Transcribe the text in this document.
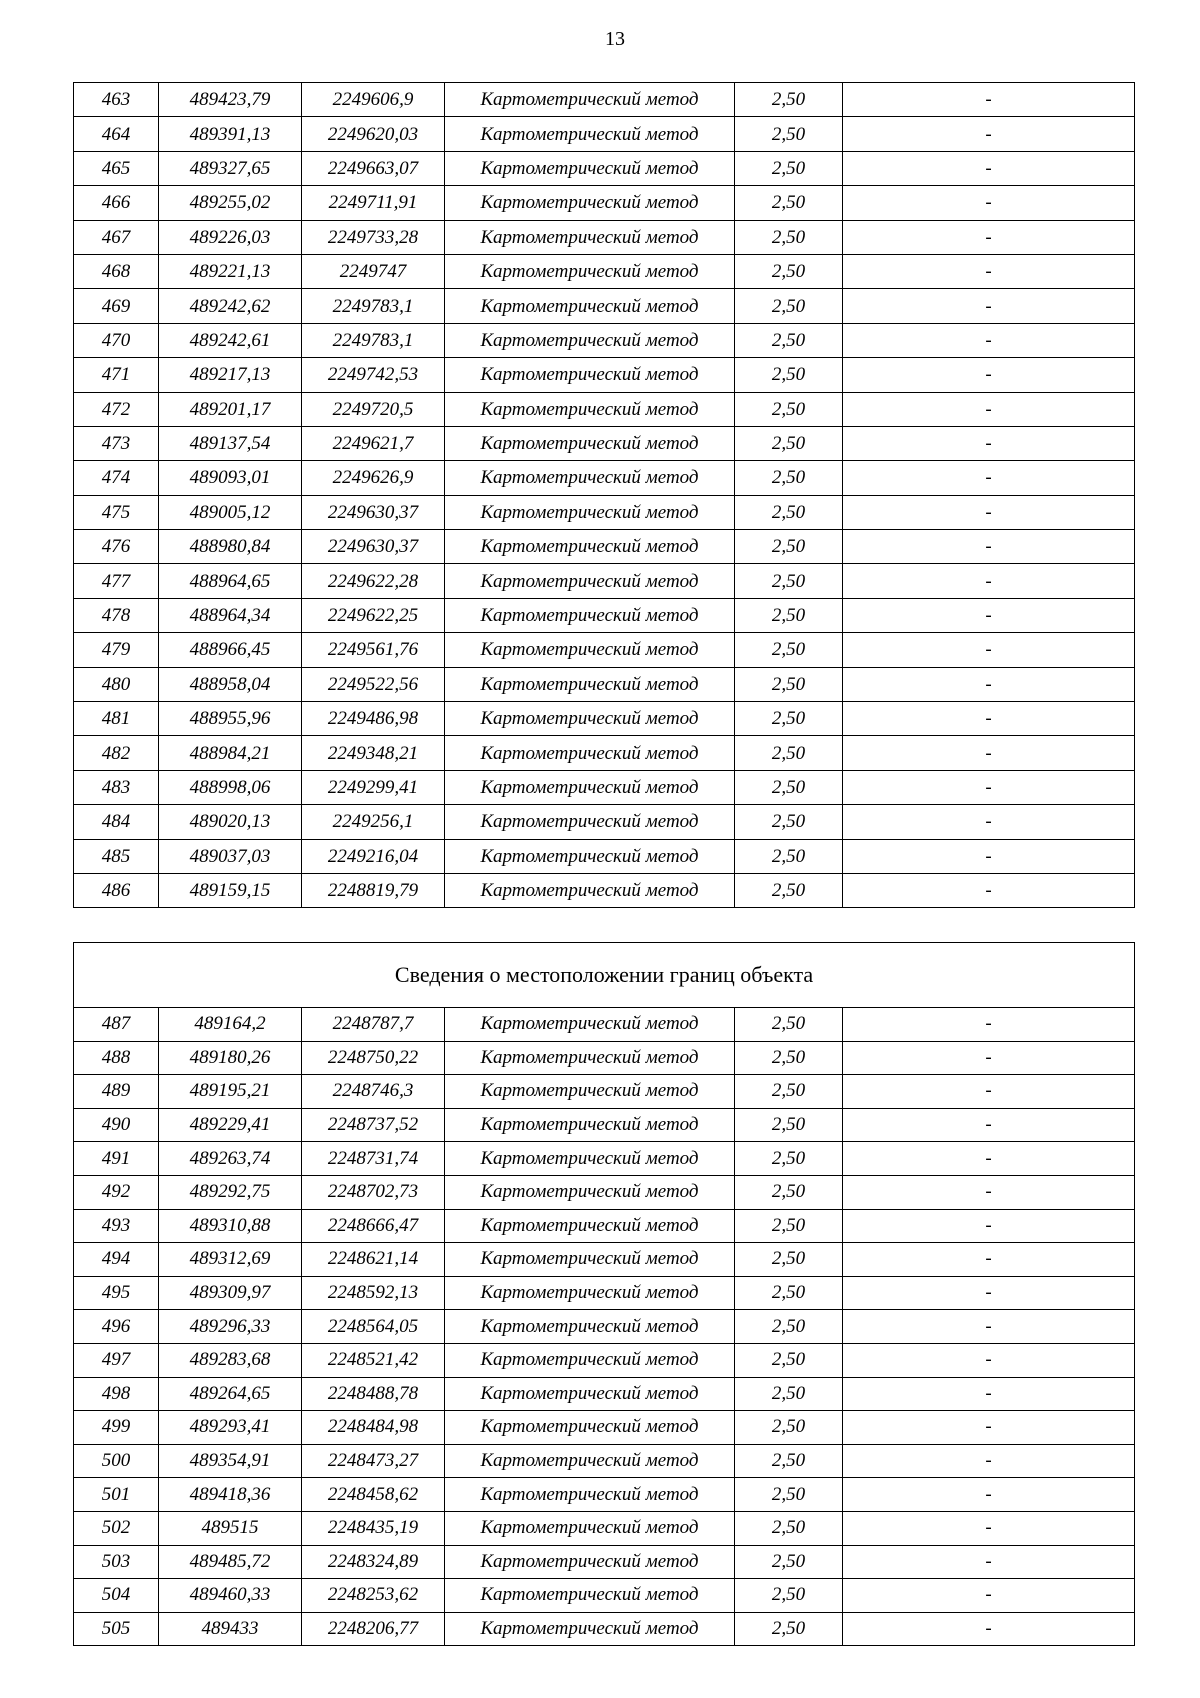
13
463	489423,79	2249606,9	Картометрический метод	2,50	-
464	489391,13	2249620,03	Картометрический метод	2,50	-
465	489327,65	2249663,07	Картометрический метод	2,50	-
466	489255,02	2249711,91	Картометрический метод	2,50	-
467	489226,03	2249733,28	Картометрический метод	2,50	-
468	489221,13	2249747	Картометрический метод	2,50	-
469	489242,62	2249783,1	Картометрический метод	2,50	-
470	489242,61	2249783,1	Картометрический метод	2,50	-
471	489217,13	2249742,53	Картометрический метод	2,50	-
472	489201,17	2249720,5	Картометрический метод	2,50	-
473	489137,54	2249621,7	Картометрический метод	2,50	-
474	489093,01	2249626,9	Картометрический метод	2,50	-
475	489005,12	2249630,37	Картометрический метод	2,50	-
476	488980,84	2249630,37	Картометрический метод	2,50	-
477	488964,65	2249622,28	Картометрический метод	2,50	-
478	488964,34	2249622,25	Картометрический метод	2,50	-
479	488966,45	2249561,76	Картометрический метод	2,50	-
480	488958,04	2249522,56	Картометрический метод	2,50	-
481	488955,96	2249486,98	Картометрический метод	2,50	-
482	488984,21	2249348,21	Картометрический метод	2,50	-
483	488998,06	2249299,41	Картометрический метод	2,50	-
484	489020,13	2249256,1	Картометрический метод	2,50	-
485	489037,03	2249216,04	Картометрический метод	2,50	-
486	489159,15	2248819,79	Картометрический метод	2,50	-
Сведения о местоположении границ объекта					
487	489164,2	2248787,7	Картометрический метод	2,50	-
488	489180,26	2248750,22	Картометрический метод	2,50	-
489	489195,21	2248746,3	Картометрический метод	2,50	-
490	489229,41	2248737,52	Картометрический метод	2,50	-
491	489263,74	2248731,74	Картометрический метод	2,50	-
492	489292,75	2248702,73	Картометрический метод	2,50	-
493	489310,88	2248666,47	Картометрический метод	2,50	-
494	489312,69	2248621,14	Картометрический метод	2,50	-
495	489309,97	2248592,13	Картометрический метод	2,50	-
496	489296,33	2248564,05	Картометрический метод	2,50	-
497	489283,68	2248521,42	Картометрический метод	2,50	-
498	489264,65	2248488,78	Картометрический метод	2,50	-
499	489293,41	2248484,98	Картометрический метод	2,50	-
500	489354,91	2248473,27	Картометрический метод	2,50	-
501	489418,36	2248458,62	Картометрический метод	2,50	-
502	489515	2248435,19	Картометрический метод	2,50	-
503	489485,72	2248324,89	Картометрический метод	2,50	-
504	489460,33	2248253,62	Картометрический метод	2,50	-
505	489433	2248206,77	Картометрический метод	2,50	-
